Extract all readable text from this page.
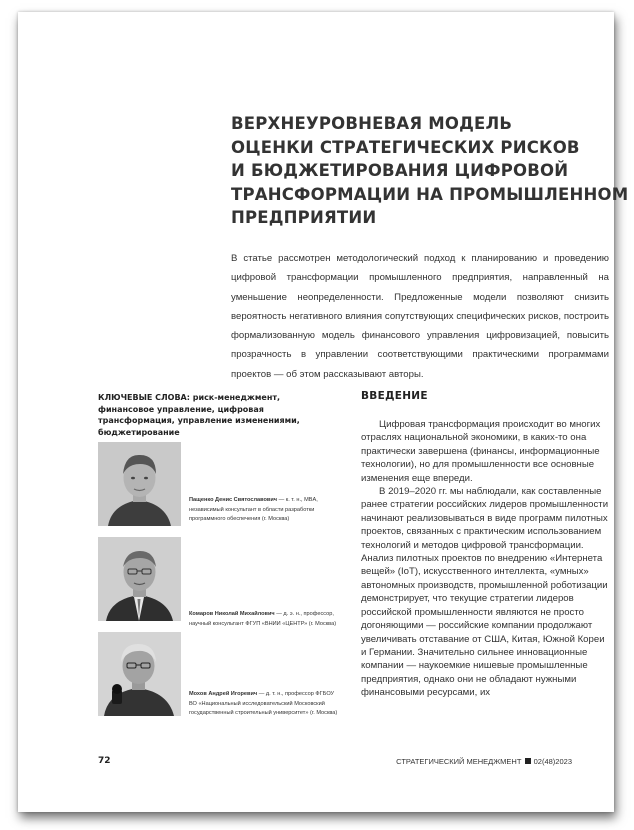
ВЕРХНЕУРОВНЕВАЯ МОДЕЛЬ
ОЦЕНКИ СТРАТЕГИЧЕСКИХ РИСКОВ
И БЮДЖЕТИРОВАНИЯ ЦИФРОВОЙ
ТРАНСФОРМАЦИИ НА ПРОМЫШЛЕННОМ
ПРЕДПРИЯТИИ

В статье рассмотрен методологический подход к планированию и проведению цифровой трансформации промышленного предприятия, направленный на уменьшение неопределенности. Предложенные модели позволяют снизить вероятность негативного влияния сопутствующих специфических рисков, построить формализованную модель финансового управления цифровизацией, повысить прозрачность в управлении соответствующими практическими программами проектов — об этом рассказывают авторы.

КЛЮЧЕВЫЕ СЛОВА: риск-менеджмент, финансовое управление, цифровая трансформация, управление изменениями, бюджетирование

Пащенко Денис Святославович — к. т. н., MBA, независимый консультант в области разработки программного обеспечения (г. Москва)

Комаров Николай Михайлович — д. э. н., профессор, научный консультант ФГУП «ВНИИ «ЦЕНТР» (г. Москва)

Мохов Андрей Игоревич — д. т. н., профессор ФГБОУ ВО «Национальный исследовательский Московский государственный строительный университет» (г. Москва)

ВВЕДЕНИЕ

Цифровая трансформация происходит во многих отраслях национальной экономики, в каких-то она практически завершена (финансы, информационные технологии), но для промышленности все основные изменения еще впереди.

В 2019–2020 гг. мы наблюдали, как составленные ранее стратегии российских лидеров промышленности начинают реализовываться в виде программ пилотных проектов, связанных с практическим использованием технологий и методов цифровой трансформации. Анализ пилотных проектов по внедрению «Интернета вещей» (IoT), искусственного интеллекта, «умных» автономных производств, промышленной роботизации демонстрирует, что текущие стратегии лидеров российской промышленности являются не просто догоняющими — российские компании продолжают увеличивать отставание от США, Китая, Южной Кореи и Германии. Значительно сильнее инновационные компании — наукоемкие нишевые промышленные предприятия, однако они не обладают нужными финансовыми ресурсами, их

72	СТРАТЕГИЧЕСКИЙ МЕНЕДЖМЕНТ 02(48)2023
